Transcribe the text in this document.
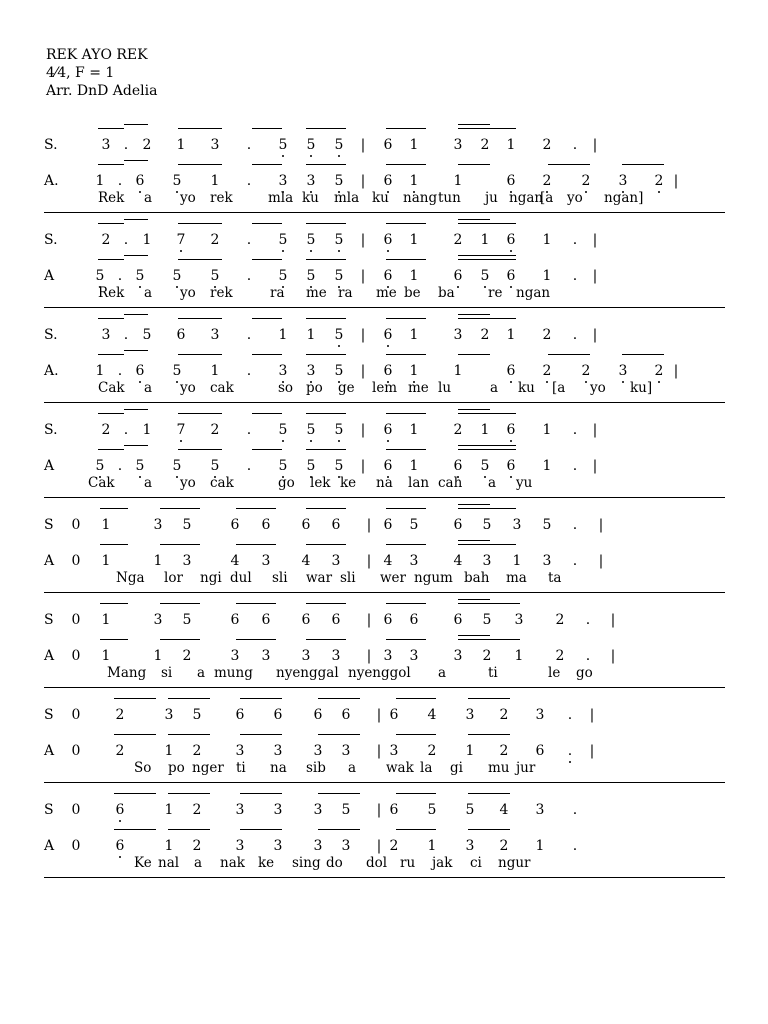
REK AYO REK
4⁄4, F = 1
Arr. DnD Adelia
S.	3 .	2 1 3	.	5 5 5	|	6 1	3 2 1 2	.	|
A.	1 . 6 5 1	.	3 3 5	|	6 1	1	6 2 2 3 2 |
Rek a yo rek	mla ku mla ku nang tun ju ngan
[a yo ngan]
S.	2 .	1 7 2	.	5 5 5	|	6 1	2 1 6 1	.	|
A	5 . 5 5 5	.	5 5 5	|	6 1	6 5 6 1	.	|
Rek a yo rek	ra me ra me be ba re ngan
S.	3 .	5 6 3	.	1 1 5	|	6 1	3 2 1 2	.	|
A.	1 . 6 5 1	.	3 3 5	|	6 1	1	6 2 2 3 2 |
Cak a yo cak	so po ge lem me lu	a ku [a yo ku]
S.	2 .	1 7 2	.	5 5 5	|	6 1	2 1 6 1	.	|
A	5 . 5 5 5	.	5 5 5	|	6 1	6 5 6 1	.	|
Cak a yo cak	go lek ke na lan cah a yu
S 0 1	3 5	6 6 6 6	| 6 5	6 5 3 5	.	|
A 0 1	1 3	4 3 4 3	| 4 3	4 3 1 3	.	|
Nga lor ngi dul sli war sli wer ngum bah ma ta
S 0 1	3 5	6 6 6 6	| 6 6	6 5 3 2	.	|
A 0 1	1 2	3 3 3 3	| 3 3	3 2 1 2	.	|
Mang si a mung nyenggal nyenggol a	ti	le go
S 0	2	3 5 6 6 6 6	| 6 4 3 2 3	.	|
A 0	2	1 2 3 3 3 3	| 3 2 1 2 6	.	|
So po nger ti na sib a wak la gi mu jur
S 0	6	1 2 3 3 3 5	| 6 5 5 4 3	.
A 0	6	1 2 3 3 3 3	| 2 1 3 2 1	.
Ke nal a nak ke sing do dol ru jak ci ngur
